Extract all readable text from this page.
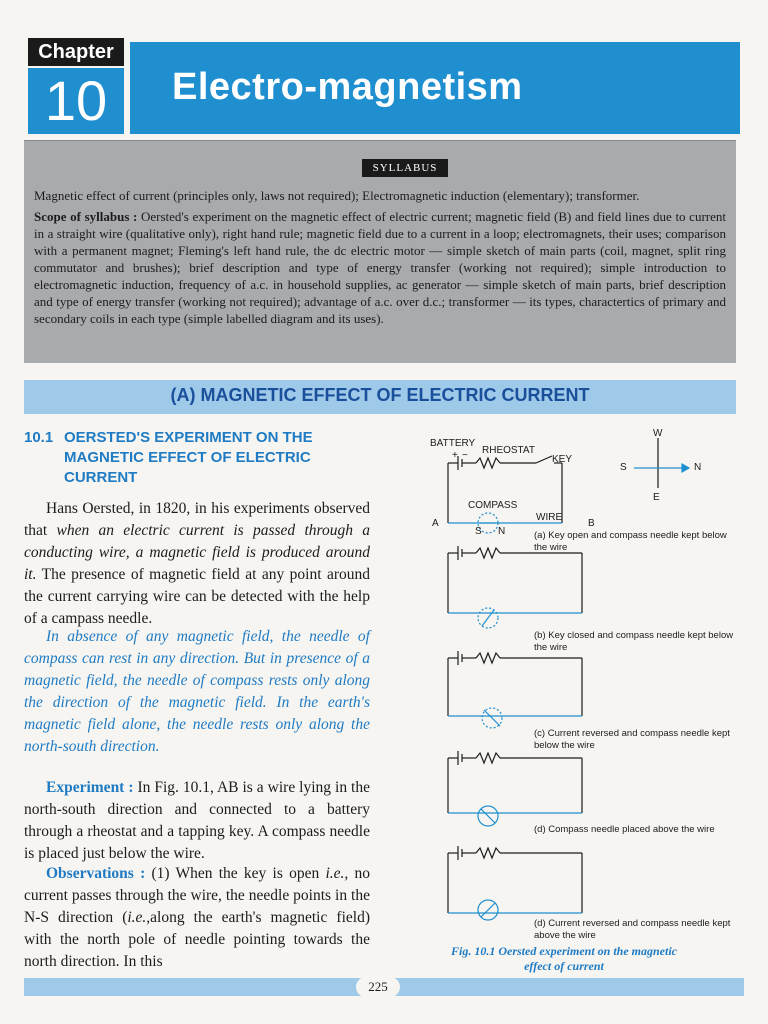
Chapter
10	Electro-magnetism
SYLLABUS

Magnetic effect of current (principles only, laws not required); Electromagnetic induction (elementary); transformer.

Scope of syllabus : Oersted's experiment on the magnetic effect of electric current; magnetic field (B) and field lines due to current in a straight wire (qualitative only), right hand rule; magnetic field due to a current in a loop; electromagnets, their uses; comparison with a permanent magnet; Fleming's left hand rule, the dc electric motor — simple sketch of main parts (coil, magnet, split ring commutator and brushes); brief description and type of energy transfer (working not required); simple introduction to electromagnetic induction, frequency of a.c. in household supplies, ac generator — simple sketch of main parts, brief description and type of energy transfer (working not required); advantage of a.c. over d.c.; transformer — its types, charactertics of primary and secondary coils in each type (simple labelled diagram and its uses).

(A) MAGNETIC EFFECT OF ELECTRIC CURRENT
10.1 OERSTED'S EXPERIMENT ON THE
MAGNETIC EFFECT OF ELECTRIC
CURRENT

Hans Oersted, in 1820, in his experiments observed that when an electric current is passed through a conducting wire, a magnetic field is produced around it. The presence of magnetic field at any point around the current carrying wire can be detected with the help of a campass needle.

In absence of any magnetic field, the needle of compass can rest in any direction. But in presence of a magnetic field, the needle of compass rests only along the direction of the magnetic field. In the earth's magnetic field alone, the needle rests only along the north-south direction.

Experiment : In Fig. 10.1, AB is a wire lying in the north-south direction and connected to a battery through a rheostat and a tapping key. A compass needle is placed just below the wire.

Observations : (1) When the key is open i.e., no current passes through the wire, the needle points in the N-S direction (i.e.,along the earth's magnetic field) with the north pole of needle pointing towards the north direction. In this

BATTERY
RHEOSTAT
KEY
COMPASS
WIRE
+ −
A	B
S N
W
E
S	N
(a) Key open and compass needle kept below the wire
(b) Key closed and compass needle kept below the wire
(c) Current reversed and compass needle kept below the wire
(d) Compass needle placed above the wire
(d) Current reversed and compass needle kept above the wire
Fig. 10.1 Oersted experiment on the magnetic
effect of current
225
